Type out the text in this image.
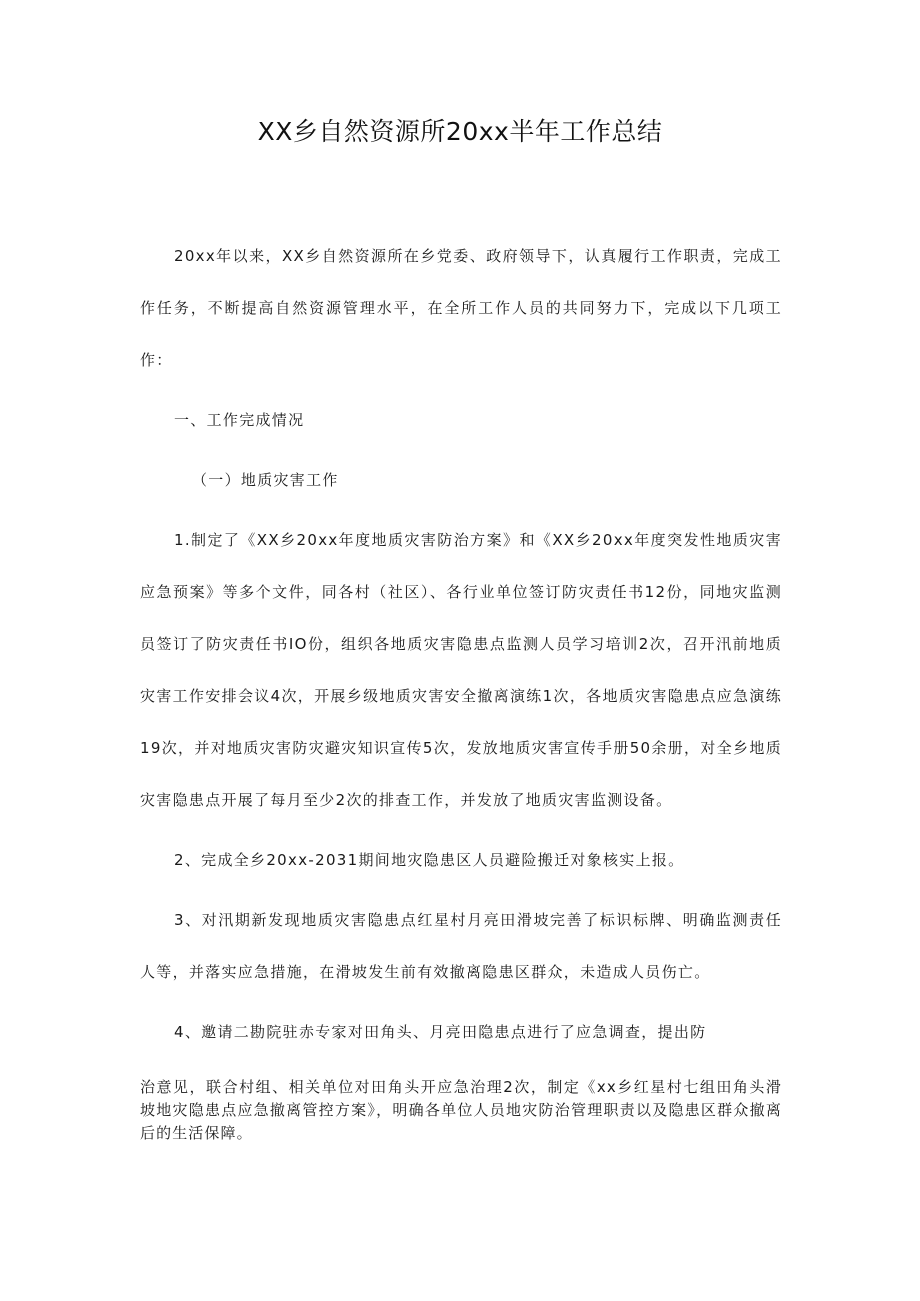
XX乡自然资源所20xx半年工作总结

20xx年以来，XX乡自然资源所在乡党委、政府领导下，认真履行工作职责，完成工作任务，不断提高自然资源管理水平，在全所工作人员的共同努力下，完成以下几项工作：

一、工作完成情况

（一）地质灾害工作

1.制定了《XX乡20xx年度地质灾害防治方案》和《XX乡20xx年度突发性地质灾害应急预案》等多个文件，同各村（社区）、各行业单位签订防灾责任书12份，同地灾监测员签订了防灾责任书IO份，组织各地质灾害隐患点监测人员学习培训2次，召开汛前地质灾害工作安排会议4次，开展乡级地质灾害安全撤离演练1次，各地质灾害隐患点应急演练19次，并对地质灾害防灾避灾知识宣传5次，发放地质灾害宣传手册50余册，对全乡地质灾害隐患点开展了每月至少2次的排查工作，并发放了地质灾害监测设备。

2、完成全乡20xx-2031期间地灾隐患区人员避险搬迁对象核实上报。

3、对汛期新发现地质灾害隐患点红星村月亮田滑坡完善了标识标牌、明确监测责任人等，并落实应急措施，在滑坡发生前有效撤离隐患区群众，未造成人员伤亡。

4、邀请二勘院驻赤专家对田角头、月亮田隐患点进行了应急调查，提出防

治意见，联合村组、相关单位对田角头开应急治理2次，制定《xx乡红星村七组田角头滑坡地灾隐患点应急撤离管控方案》，明确各单位人员地灾防治管理职责以及隐患区群众撤离后的生活保障。
